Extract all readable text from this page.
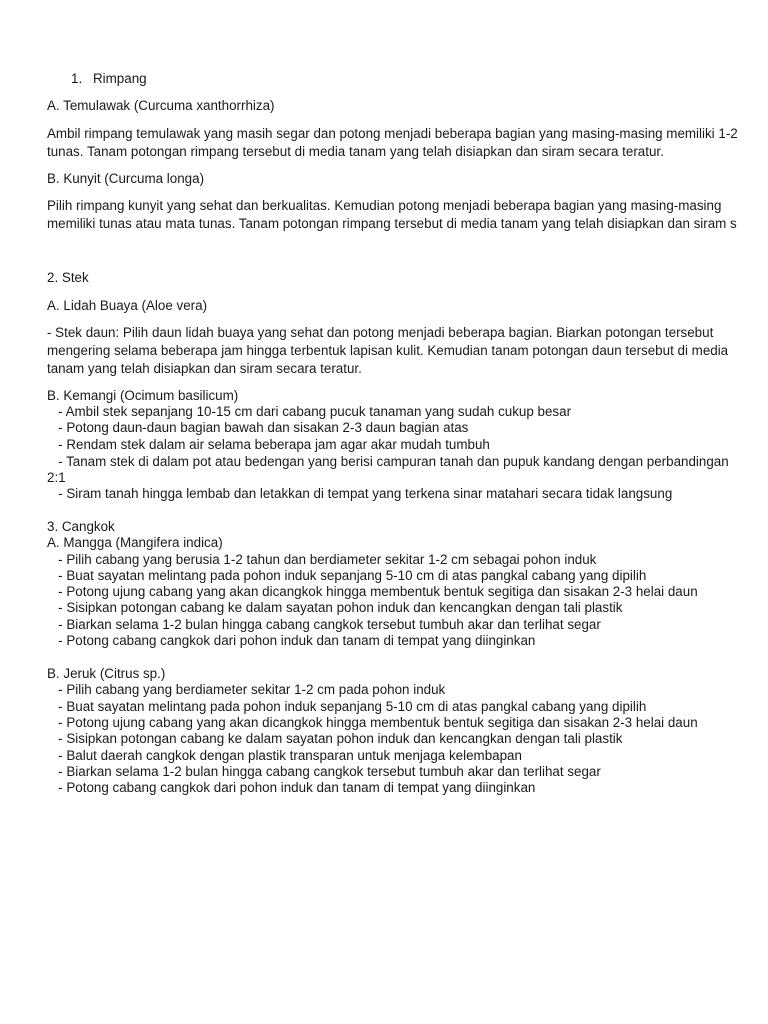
1. Rimpang
A. Temulawak (Curcuma xanthorrhiza)
Ambil rimpang temulawak yang masih segar dan potong menjadi beberapa bagian yang masing-masing memiliki 1-2
tunas. Tanam potongan rimpang tersebut di media tanam yang telah disiapkan dan siram secara teratur.
B. Kunyit (Curcuma longa)
Pilih rimpang kunyit yang sehat dan berkualitas. Kemudian potong menjadi beberapa bagian yang masing-masing
memiliki tunas atau mata tunas. Tanam potongan rimpang tersebut di media tanam yang telah disiapkan dan siram s
2. Stek
A. Lidah Buaya (Aloe vera)
- Stek daun: Pilih daun lidah buaya yang sehat dan potong menjadi beberapa bagian. Biarkan potongan tersebut
mengering selama beberapa jam hingga terbentuk lapisan kulit. Kemudian tanam potongan daun tersebut di media
tanam yang telah disiapkan dan siram secara teratur.
B. Kemangi (Ocimum basilicum)
- Ambil stek sepanjang 10-15 cm dari cabang pucuk tanaman yang sudah cukup besar
- Potong daun-daun bagian bawah dan sisakan 2-3 daun bagian atas
- Rendam stek dalam air selama beberapa jam agar akar mudah tumbuh
- Tanam stek di dalam pot atau bedengan yang berisi campuran tanah dan pupuk kandang dengan perbandingan
2:1
- Siram tanah hingga lembab dan letakkan di tempat yang terkena sinar matahari secara tidak langsung
3. Cangkok
A. Mangga (Mangifera indica)
- Pilih cabang yang berusia 1-2 tahun dan berdiameter sekitar 1-2 cm sebagai pohon induk
- Buat sayatan melintang pada pohon induk sepanjang 5-10 cm di atas pangkal cabang yang dipilih
- Potong ujung cabang yang akan dicangkok hingga membentuk bentuk segitiga dan sisakan 2-3 helai daun
- Sisipkan potongan cabang ke dalam sayatan pohon induk dan kencangkan dengan tali plastik
- Biarkan selama 1-2 bulan hingga cabang cangkok tersebut tumbuh akar dan terlihat segar
- Potong cabang cangkok dari pohon induk dan tanam di tempat yang diinginkan
B. Jeruk (Citrus sp.)
- Pilih cabang yang berdiameter sekitar 1-2 cm pada pohon induk
- Buat sayatan melintang pada pohon induk sepanjang 5-10 cm di atas pangkal cabang yang dipilih
- Potong ujung cabang yang akan dicangkok hingga membentuk bentuk segitiga dan sisakan 2-3 helai daun
- Sisipkan potongan cabang ke dalam sayatan pohon induk dan kencangkan dengan tali plastik
- Balut daerah cangkok dengan plastik transparan untuk menjaga kelembapan
- Biarkan selama 1-2 bulan hingga cabang cangkok tersebut tumbuh akar dan terlihat segar
- Potong cabang cangkok dari pohon induk dan tanam di tempat yang diinginkan
